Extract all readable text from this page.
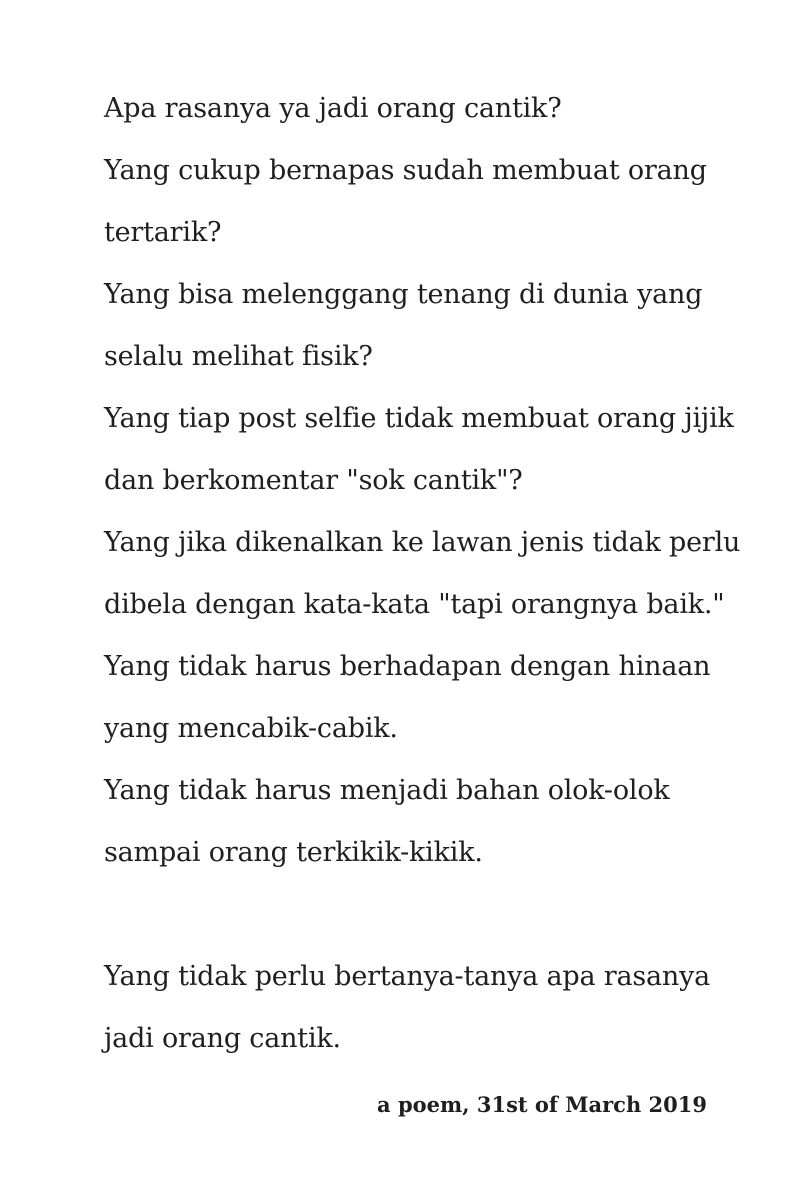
Apa rasanya ya jadi orang cantik?
Yang cukup bernapas sudah membuat orang
tertarik?
Yang bisa melenggang tenang di dunia yang
selalu melihat fisik?
Yang tiap post selfie tidak membuat orang jijik
dan berkomentar "sok cantik"?
Yang jika dikenalkan ke lawan jenis tidak perlu
dibela dengan kata-kata "tapi orangnya baik."
Yang tidak harus berhadapan dengan hinaan
yang mencabik-cabik.
Yang tidak harus menjadi bahan olok-olok
sampai orang terkikik-kikik.
Yang tidak perlu bertanya-tanya apa rasanya
jadi orang cantik.
a poem, 31st of March 2019
